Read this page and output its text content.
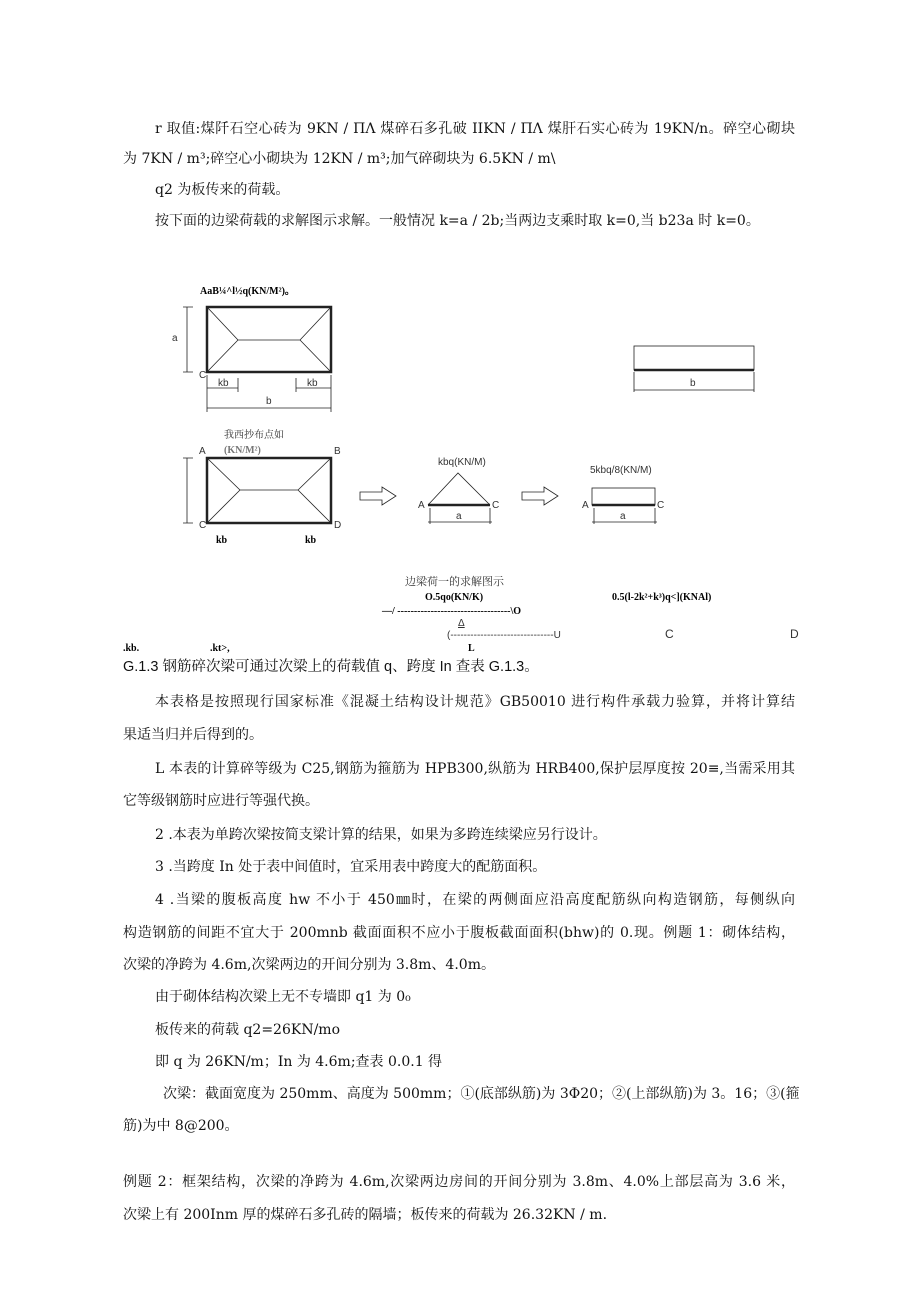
r 取值:煤阡石空心砖为 9KN / ΠΛ 煤碎石多孔破 IIKN / ΠΛ 煤肝石实心砖为 19KN/n。碎空心砌块
为 7KN / m³;碎空心小砌块为 12KN / m³;加气碎砌块为 6.5KN / m\
q2 为板传来的荷载。
按下面的边梁荷载的求解图示求解。一般情况 k=a / 2b;当两边支乘时取 k=0,当 b23a 时 k=0。
AaB¼^l½q(KN/M²)。
a
C
kb	kb
b
b
我西抄布点如
(KN/M²)
A	B
C	D
kb	kb
kbq(KN/M)
A	C
a
5kbq/8(KN/M)
A	C
a
边梁荷一的求解图示
O.5qo(KN/K)	0.5(l-2k²+k³)q<](KNAl)
—/ ----------------------------------\O
Δ
(-------------------------------U	C	D
.kb.	.kt>,	L
G.1.3 钢筋碎次梁可通过次梁上的荷载值 q、跨度 In 查表 G.1.3。
本表格是按照现行国家标准《混凝土结构设计规范》GB50010 进行构件承载力验算，并将计算结
果适当归并后得到的。
L 本表的计算碎等级为 C25,钢筋为箍筋为 HPB300,纵筋为 HRB400,保护层厚度按 20≡,当需采用其
它等级钢筋时应进行等强代换。
2 .本表为单跨次梁按简支梁计算的结果，如果为多跨连续梁应另行设计。
3 .当跨度 In 处于表中间值时，宜采用表中跨度大的配筋面积。
4 .当梁的腹板高度 hw 不小于 450㎜时，在梁的两侧面应沿高度配筋纵向构造钢筋，每侧纵向
构造钢筋的间距不宜大于 200mnb 截面面积不应小于腹板截面面积(bhw)的 0.现。例题 1：砌体结构，
次梁的净跨为 4.6m,次梁两边的开间分别为 3.8m、4.0m。
由于砌体结构次梁上无不专墙即 q1 为 0₀
板传来的荷载 q2=26KN/mo
即 q 为 26KN/m；In 为 4.6m;查表 0.0.1 得
次梁：截面宽度为 250mm、高度为 500mm；①(底部纵筋)为 3Φ20；②(上部纵筋)为 3。16；③(箍
筋)为中 8@200。
例题 2：框架结构，次梁的净跨为 4.6m,次梁两边房间的开间分别为 3.8m、4.0%上部层高为 3.6 米，
次梁上有 200Inm 厚的煤碎石多孔砖的隔墙；板传来的荷载为 26.32KN / m.
